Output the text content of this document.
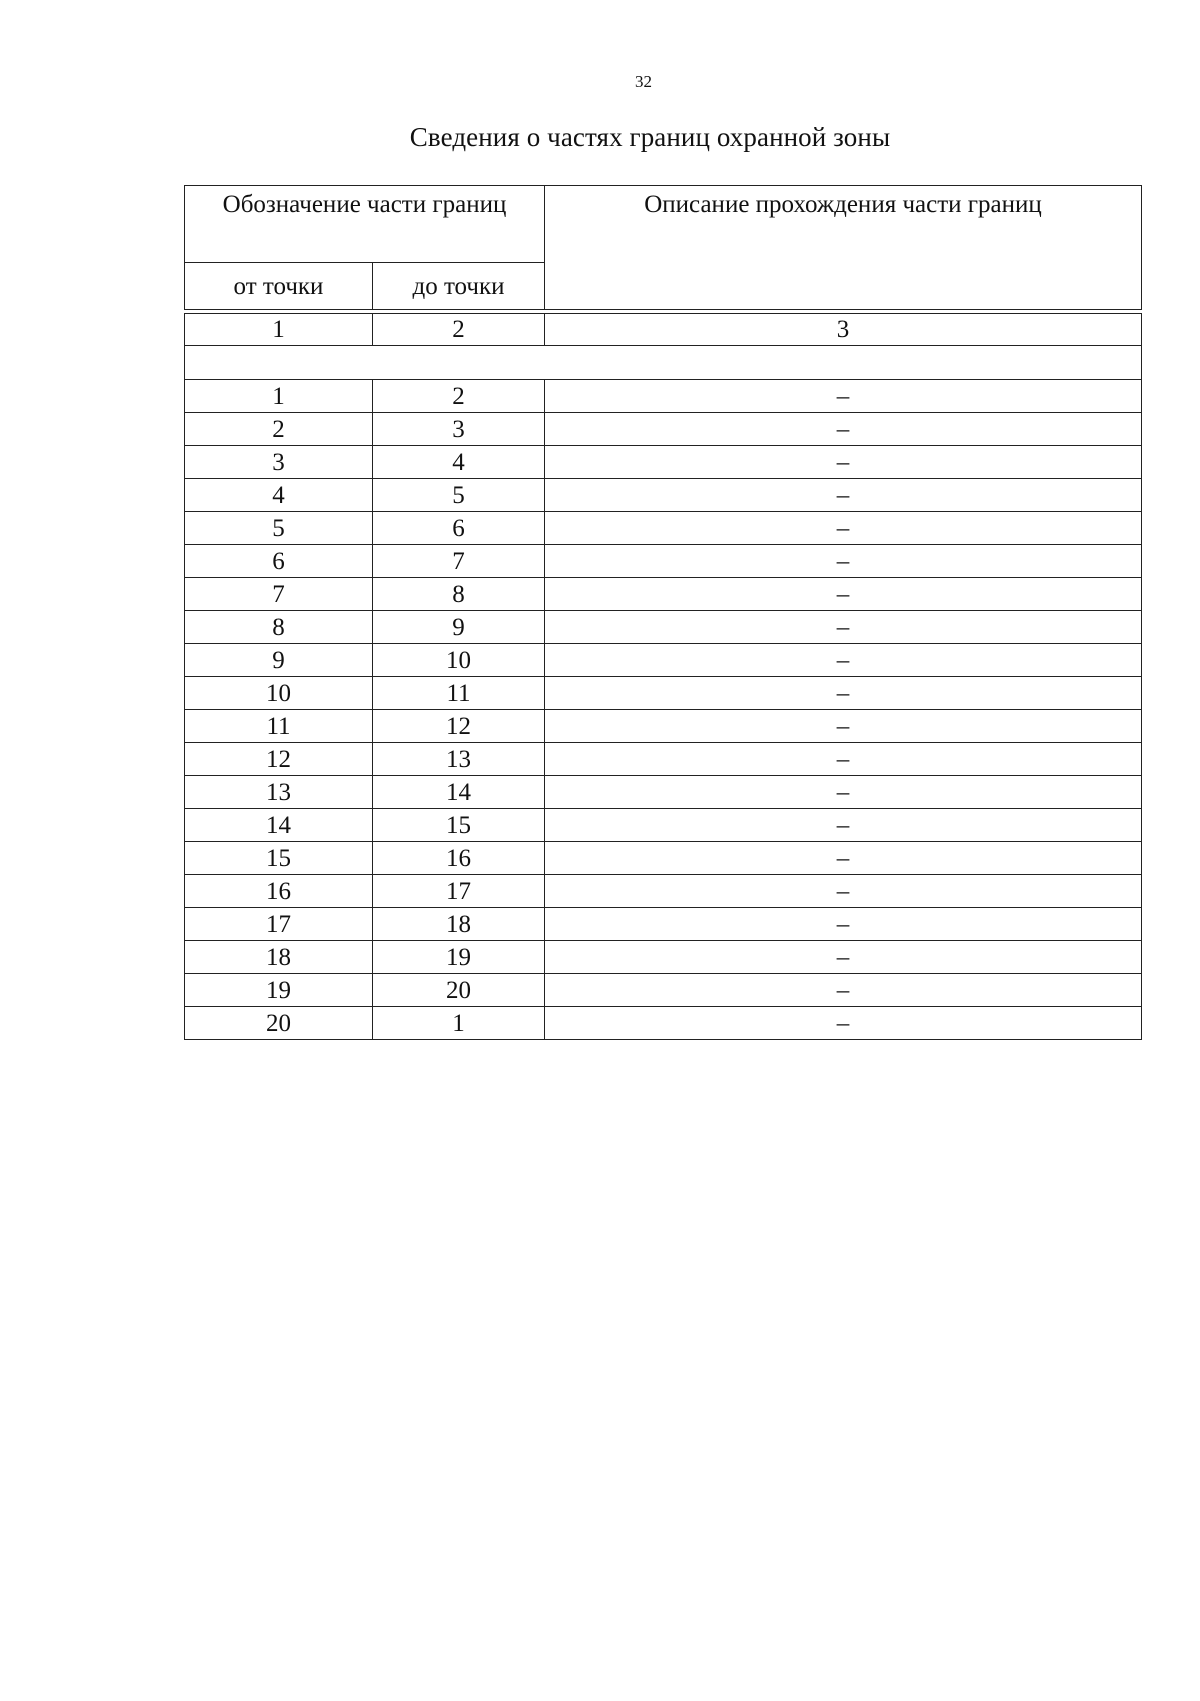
32
Сведения о частях границ охранной зоны
Обозначение части границ		Описание прохождения части границ
от точки	до точки	

1	2	3

1	2	–
2	3	–
3	4	–
4	5	–
5	6	–
6	7	–
7	8	–
8	9	–
9	10	–
10	11	–
11	12	–
12	13	–
13	14	–
14	15	–
15	16	–
16	17	–
17	18	–
18	19	–
19	20	–
20	1	–
